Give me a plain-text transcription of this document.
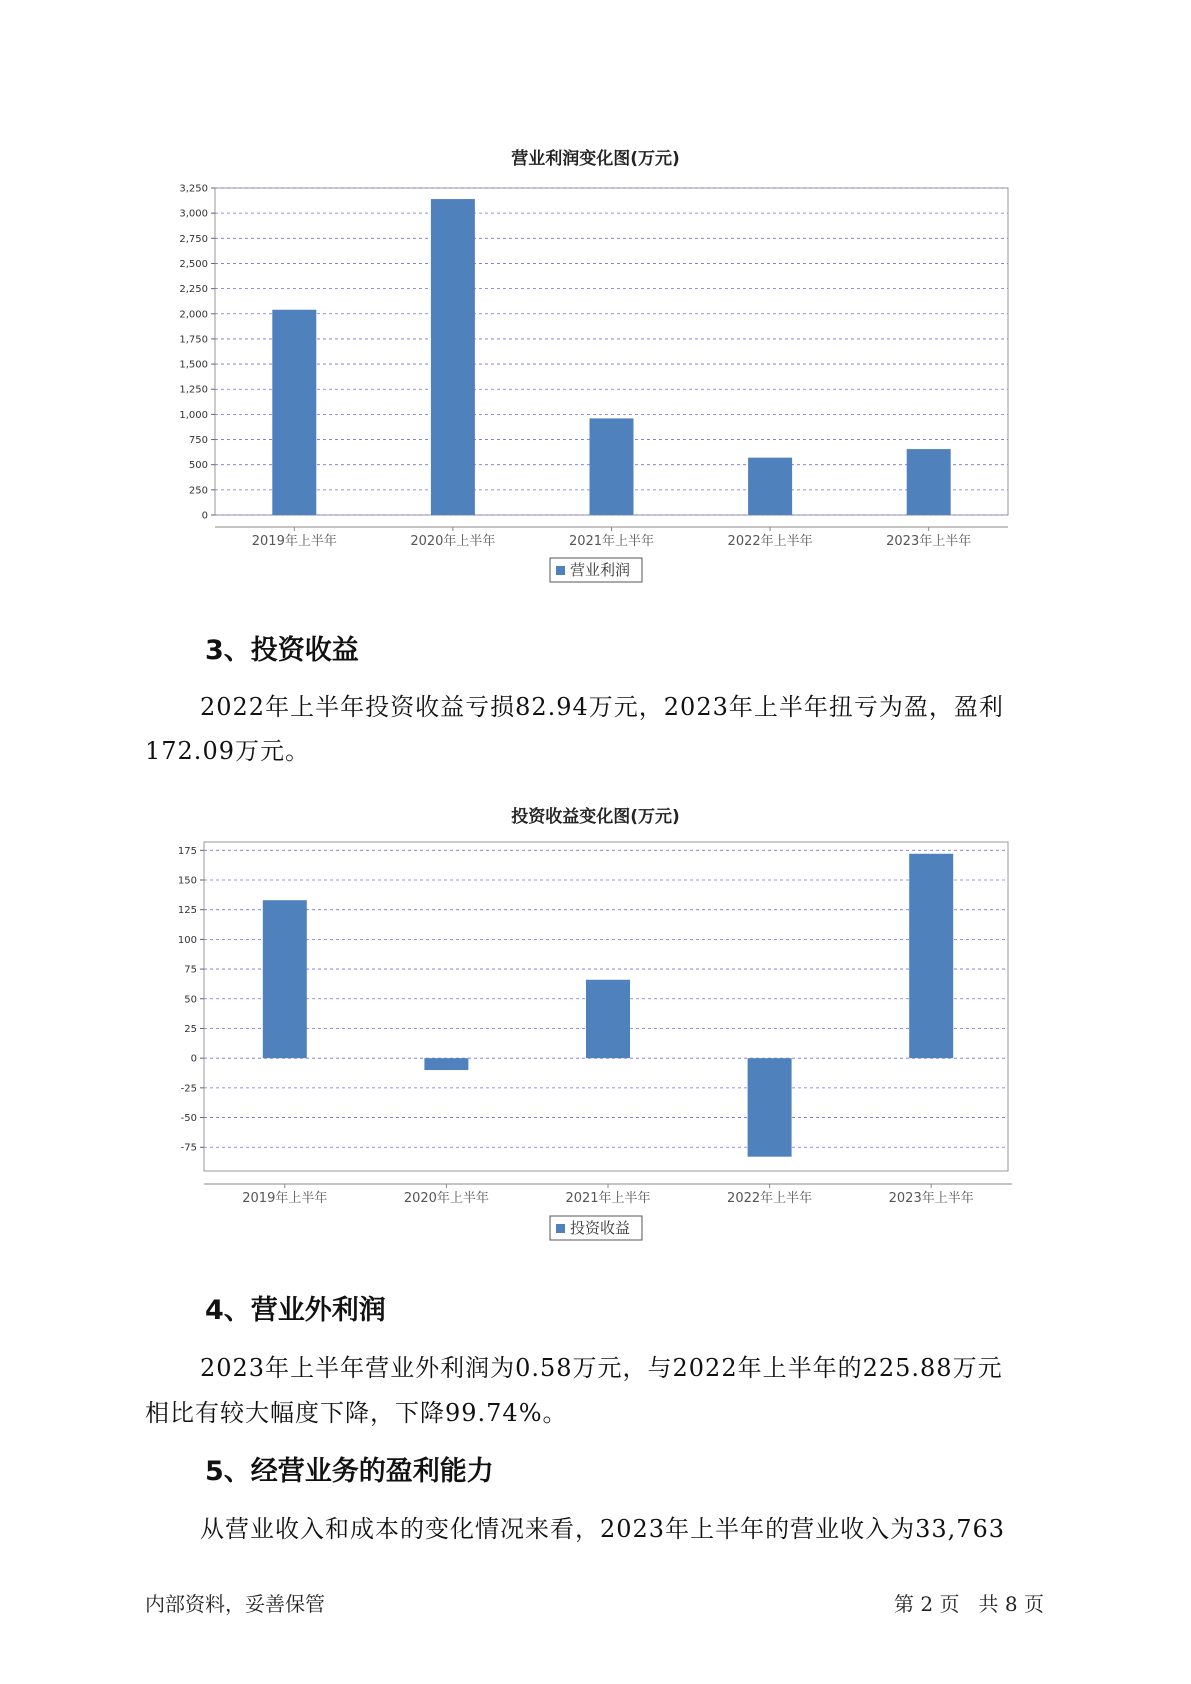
营业利润变化图(万元)
0
250
500
750
1,000
1,250
1,500
1,750
2,000
2,250
2,500
2,750
3,000
3,250
2019年上半年	2020年上半年	2021年上半年	2022年上半年	2023年上半年
营业利润
3、投资收益
2022年上半年投资收益亏损82.94万元，2023年上半年扭亏为盈，盈利
172.09万元。
投资收益变化图(万元)
-75
-50
-25
0
25
50
75
100
125
150
175
2019年上半年	2020年上半年	2021年上半年	2022年上半年	2023年上半年
投资收益
4、营业外利润
2023年上半年营业外利润为0.58万元，与2022年上半年的225.88万元
相比有较大幅度下降，下降99.74%。
5、经营业务的盈利能力
从营业收入和成本的变化情况来看，2023年上半年的营业收入为33,763
内部资料，妥善保管	第 2 页   共 8 页
